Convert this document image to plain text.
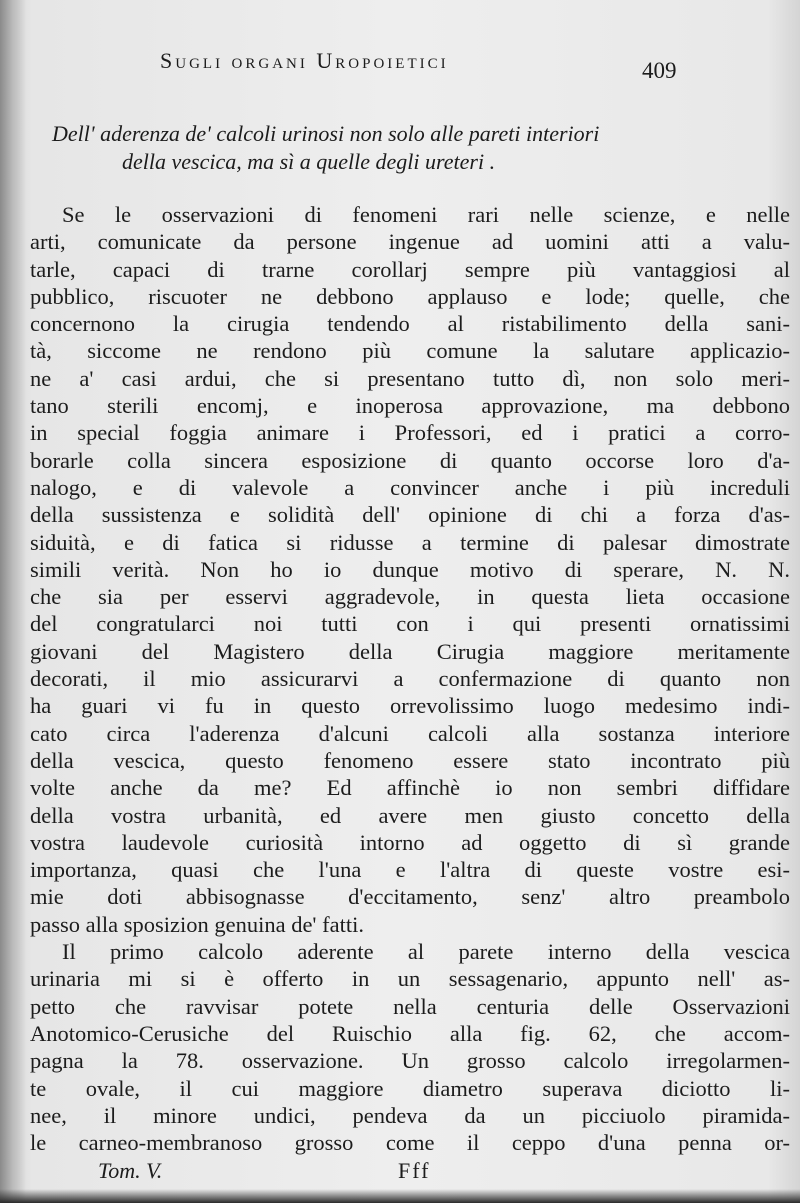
Sugli organi Uropoietici	409
Dell' aderenza de' calcoli urinosi non solo alle pareti interiori
della vescica, ma sì a quelle degli ureteri .
Se le osservazioni di fenomeni rari nelle scienze, e nelle
arti, comunicate da persone ingenue ad uomini atti a valu-
tarle, capaci di trarne corollarj sempre più vantaggiosi al
pubblico, riscuoter ne debbono applauso e lode; quelle, che
concernono la cirugia tendendo al ristabilimento della sani-
tà, siccome ne rendono più comune la salutare applicazio-
ne a' casi ardui, che si presentano tutto dì, non solo meri-
tano sterili encomj, e inoperosa approvazione, ma debbono
in special foggia animare i Professori, ed i pratici a corro-
borarle colla sincera esposizione di quanto occorse loro d'a-
nalogo, e di valevole a convincer anche i più increduli
della sussistenza e solidità dell' opinione di chi a forza d'as-
siduità, e di fatica si ridusse a termine di palesar dimostrate
simili verità. Non ho io dunque motivo di sperare, N. N.
che sia per esservi aggradevole, in questa lieta occasione
del congratularci noi tutti con i qui presenti ornatissimi
giovani del Magistero della Cirugia maggiore meritamente
decorati, il mio assicurarvi a confermazione di quanto non
ha guari vi fu in questo orrevolissimo luogo medesimo indi-
cato circa l'aderenza d'alcuni calcoli alla sostanza interiore
della vescica, questo fenomeno essere stato incontrato più
volte anche da me? Ed affinchè io non sembri diffidare
della vostra urbanità, ed avere men giusto concetto della
vostra laudevole curiosità intorno ad oggetto di sì grande
importanza, quasi che l'una e l'altra di queste vostre esi-
mie doti abbisognasse d'eccitamento, senz' altro preambolo
passo alla sposizion genuina de' fatti.
Il primo calcolo aderente al parete interno della vescica
urinaria mi si è offerto in un sessagenario, appunto nell' as-
petto che ravvisar potete nella centuria delle Osservazioni
Anotomico-Cerusiche del Ruischio alla fig. 62, che accom-
pagna la 78. osservazione. Un grosso calcolo irregolarmen-
te ovale, il cui maggiore diametro superava diciotto li-
nee, il minore undici, pendeva da un picciuolo piramida-
le carneo-membranoso grosso come il ceppo d'una penna or-
Tom. V.	Fff
